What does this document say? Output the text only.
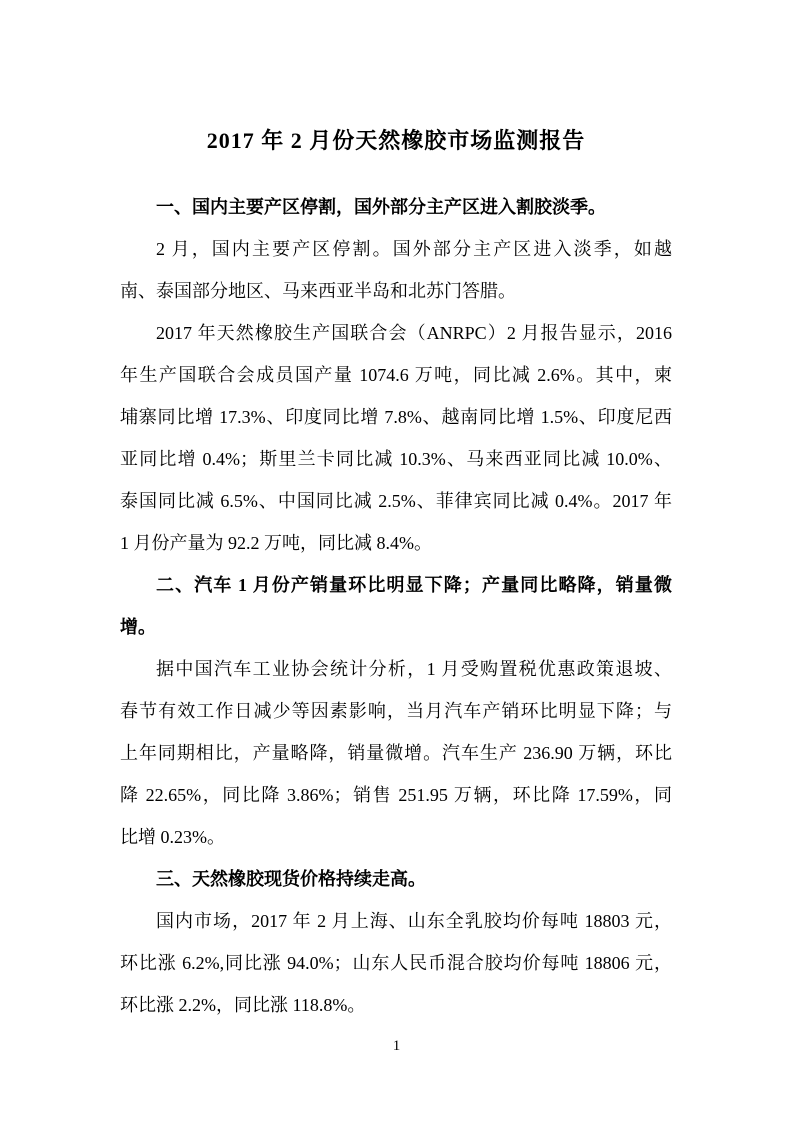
2017 年 2 月份天然橡胶市场监测报告
一、国内主要产区停割，国外部分主产区进入割胶淡季。
2 月，国内主要产区停割。国外部分主产区进入淡季，如越
南、泰国部分地区、马来西亚半岛和北苏门答腊。
2017 年天然橡胶生产国联合会（ANRPC）2 月报告显示，2016
年生产国联合会成员国产量 1074.6 万吨，同比减 2.6%。其中，柬
埔寨同比增 17.3%、印度同比增 7.8%、越南同比增 1.5%、印度尼西
亚同比增 0.4%；斯里兰卡同比减 10.3%、马来西亚同比减 10.0%、
泰国同比减 6.5%、中国同比减 2.5%、菲律宾同比减 0.4%。2017 年
1 月份产量为 92.2 万吨，同比减 8.4%。
二、汽车 1 月份产销量环比明显下降；产量同比略降，销量微
增。
据中国汽车工业协会统计分析，1 月受购置税优惠政策退坡、
春节有效工作日减少等因素影响，当月汽车产销环比明显下降；与
上年同期相比，产量略降，销量微增。汽车生产 236.90 万辆，环比
降 22.65%，同比降 3.86%；销售 251.95 万辆，环比降 17.59%，同
比增 0.23%。
三、天然橡胶现货价格持续走高。
国内市场，2017 年 2 月上海、山东全乳胶均价每吨 18803 元，
环比涨 6.2%,同比涨 94.0%；山东人民币混合胶均价每吨 18806 元，
环比涨 2.2%，同比涨 118.8%。
1
